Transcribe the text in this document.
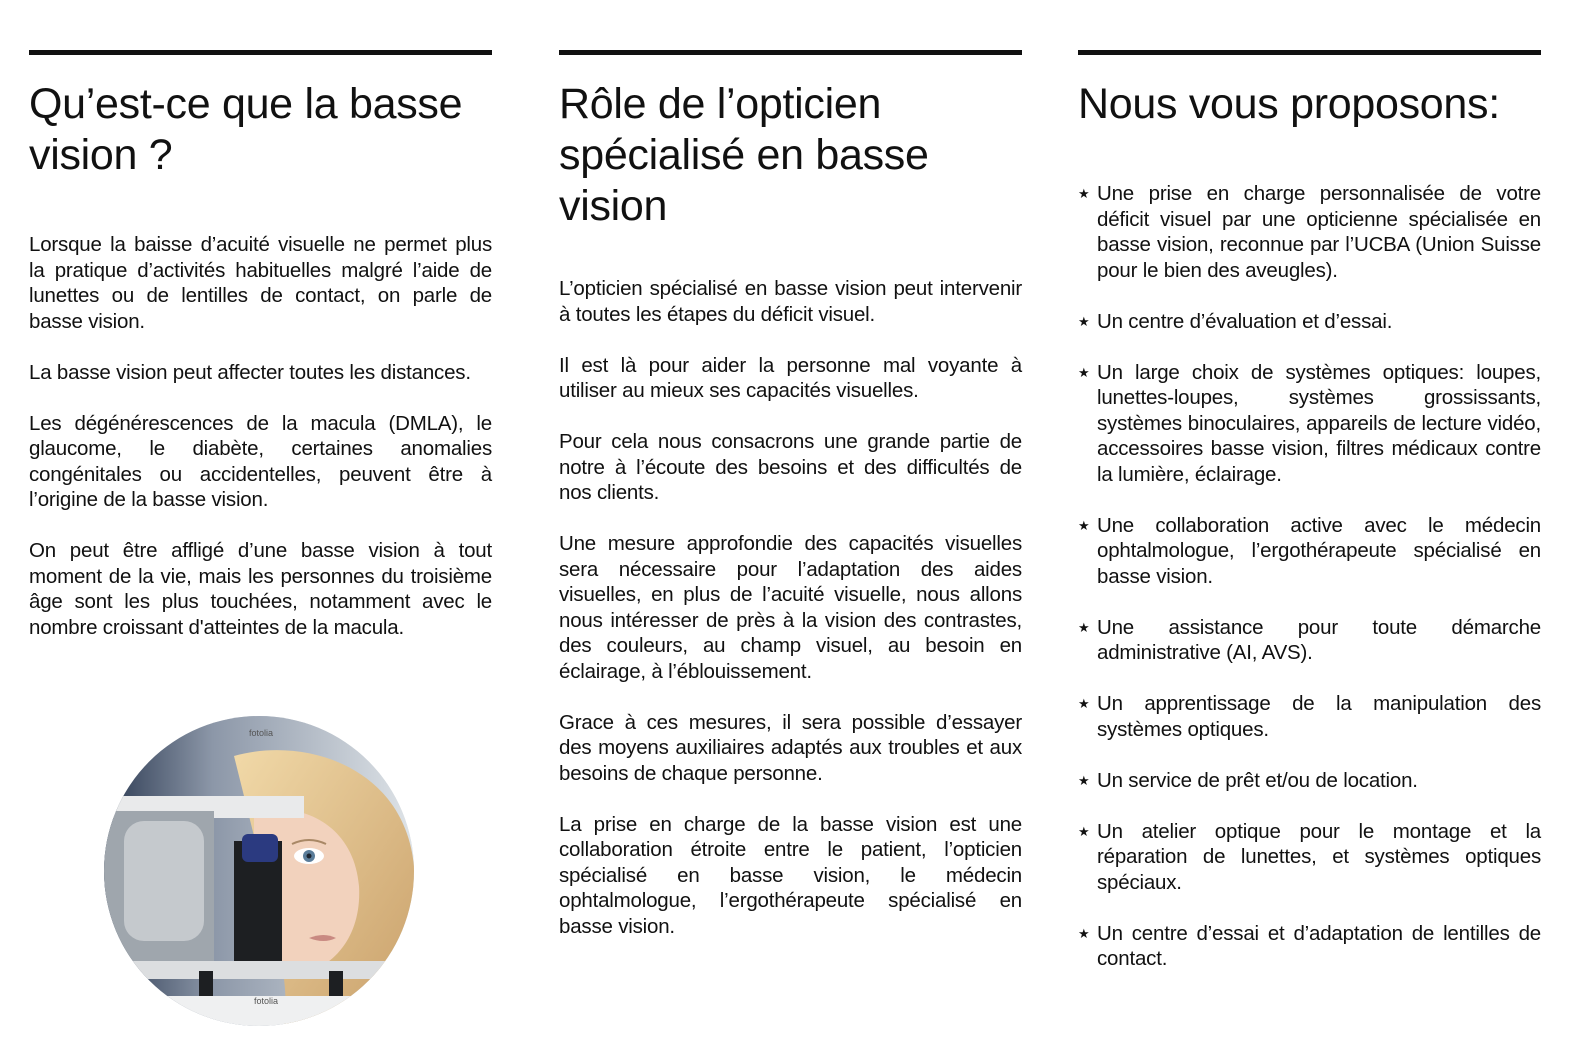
Qu’est-ce que la basse vision ?

Lorsque la baisse d’acuité visuelle ne permet plus la pratique d’activités habituelles malgré l’aide de lunettes ou de lentilles de contact, on parle de basse vision.

La basse vision peut affecter toutes les distances.

Les dégénérescences de la macula (DMLA), le glaucome, le diabète, certaines anomalies congénitales ou accidentelles, peuvent être à l’origine de la basse vision.

On peut être affligé d’une basse vision à tout moment de la vie, mais les personnes du troisième âge sont les plus touchées, notamment avec le nombre croissant d'atteintes de la macula.

fotolia
fotolia
Rôle de l’opticien spécialisé en basse vision

L’opticien spécialisé en basse vision peut intervenir à toutes les étapes du déficit visuel.

Il est là pour aider la personne mal voyante à utiliser au mieux ses capacités visuelles.

Pour cela nous consacrons une grande partie de notre à l’écoute des besoins et des difficultés de nos clients.

Une mesure approfondie des capacités visuelles sera nécessaire pour l’adaptation des aides visuelles, en plus de l’acuité visuelle, nous allons nous intéresser de près à la vision des contrastes, des couleurs, au champ visuel, au besoin en éclairage, à l’éblouissement.

Grace à ces mesures, il sera possible d’essayer des moyens auxiliaires adaptés aux troubles et aux besoins de chaque personne.

La prise en charge de la basse vision est une collaboration étroite entre le patient, l’opticien spécialisé en basse vision, le médecin ophtalmologue, l’ergothérapeute spécialisé en basse vision.

Nous vous proposons:
★ Une prise en charge personnalisée de votre déficit visuel par une opticienne spécialisée en basse vision, reconnue par l’UCBA (Union Suisse pour le bien des aveugles).
★ Un centre d’évaluation et d’essai.
★ Un large choix de systèmes optiques: loupes, lunettes-loupes, systèmes grossissants, systèmes binoculaires, appareils de lecture vidéo, accessoires basse vision, filtres médicaux contre la lumière, éclairage.
★ Une collaboration active avec le médecin ophtalmologue, l’ergothérapeute spécialisé en basse vision.
★ Une assistance pour toute démarche administrative (AI, AVS).
★ Un apprentissage de la manipulation des systèmes optiques.
★ Un service de prêt et/ou de location.
★ Un atelier optique pour le montage et la réparation de lunettes, et systèmes optiques spéciaux.
★ Un centre d’essai et d’adaptation de lentilles de contact.
